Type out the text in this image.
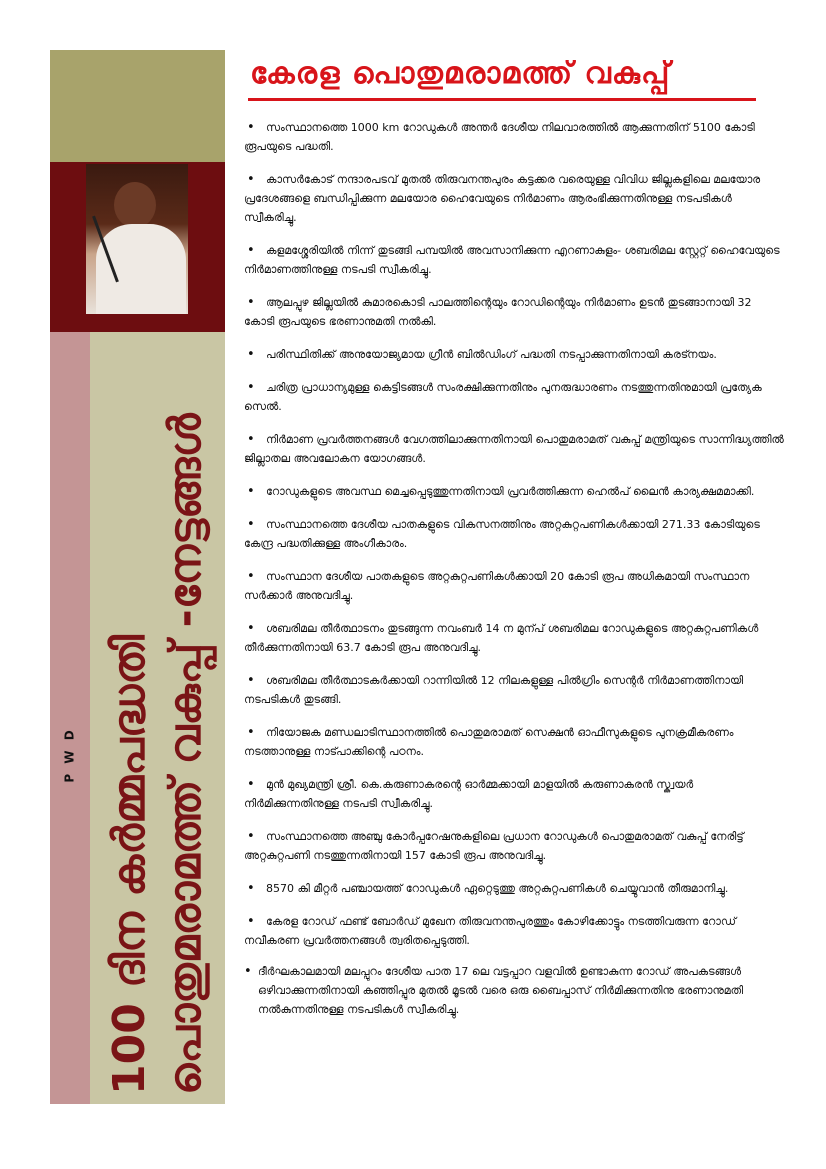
P W D 100 ദിന കർമ്മപദ്ധതി പൊതുമരാമത്ത് വകുപ്പ് -നേട്ടങ്ങൾ
കേരള പൊതുമരാമത്ത് വകുപ്പ്
• സംസ്ഥാനത്തെ 1000 km റോഡുകൾ അന്തർ ദേശീയ നിലവാരത്തിൽ ആക്കുന്നതിന് 5100 കോടി രൂപയുടെ പദ്ധതി.
• കാസർകോട് നന്ദാരപടവ് മുതൽ തിരുവനന്തപുരം കട്ടക്കര വരെയുള്ള വിവിധ ജില്ലകളിലെ മലയോര പ്രദേശങ്ങളെ ബന്ധിപ്പിക്കുന്ന മലയോര ഹൈവേയുടെ നിർമാണം ആരംഭിക്കുന്നതിനുള്ള നടപടികൾ സ്വീകരിച്ചു.
• കളമശ്ശേരിയിൽ നിന്ന് തുടങ്ങി പമ്പയിൽ അവസാനിക്കുന്ന എറണാകുളം- ശബരിമല സ്റ്റേറ്റ് ഹൈവേയുടെ നിർമാണത്തിനുള്ള നടപടി സ്വീകരിച്ചു.
• ആലപ്പുഴ ജില്ലയിൽ കുമാരകൊടി പാലത്തിന്റെയും റോഡിന്റെയും നിർമാണം ഉടൻ തുടങ്ങാനായി 32 കോടി രൂപയുടെ ഭരണാനുമതി നൽകി.
• പരിസ്ഥിതിക്ക് അനുയോജ്യമായ ഗ്രീൻ ബിൽഡിംഗ് പദ്ധതി നടപ്പാക്കുന്നതിനായി കരട്നയം.
• ചരിത്ര പ്രാധാന്യമുള്ള കെട്ടിടങ്ങൾ സംരക്ഷിക്കുന്നതിനും പുനരുദ്ധാരണം നടത്തുന്നതിനുമായി പ്രത്യേക സെൽ.
• നിർമാണ പ്രവർത്തനങ്ങൾ വേഗത്തിലാക്കുന്നതിനായി പൊതുമരാമത് വകുപ്പ് മന്ത്രിയുടെ സാന്നിദ്ധ്യത്തിൽ ജില്ലാതല അവലോകന യോഗങ്ങൾ.
• റോഡുകളുടെ അവസ്ഥ മെച്ചപ്പെടുത്തുന്നതിനായി പ്രവർത്തിക്കുന്ന ഹെൽപ് ലൈൻ കാര്യക്ഷമമാക്കി.
• സംസ്ഥാനത്തെ ദേശീയ പാതകളുടെ വികസനത്തിനും അറ്റകുറ്റപണികൾക്കായി 271.33 കോടിയുടെ കേന്ദ്ര പദ്ധതിക്കുള്ള അംഗീകാരം.
• സംസ്ഥാന ദേശീയ പാതകളുടെ അറ്റകുറ്റപണികൾക്കായി 20 കോടി രൂപ അധികമായി സംസ്ഥാന സർക്കാർ അനുവദിച്ചു.
• ശബരിമല തീർത്ഥാടനം തുടങ്ങുന്ന നവംബർ 14 ന മുന്പ് ശബരിമല റോഡുകളുടെ അറ്റകുറ്റപണികൾ തീർക്കുന്നതിനായി 63.7 കോടി രൂപ അനുവദിച്ചു.
• ശബരിമല തീർത്ഥാടകർക്കായി റാന്നിയിൽ 12 നിലകളുള്ള പിൽഗ്രിം സെന്റർ നിർമാണത്തിനായി നടപടികൾ തുടങ്ങി.
• നിയോജക മണ്ഡലാടിസ്ഥാനത്തിൽ പൊതുമരാമത് സെക്ഷൻ ഓഫീസുകളുടെ പുനക്രമീകരണം നടത്താനുള്ള നാട്പാക്കിന്റെ പഠനം.
• മുൻ മുഖ്യമന്ത്രി ശ്രീ. കെ.കരുണാകരന്റെ ഓർമ്മക്കായി മാളയിൽ കരുണാകരൻ സ്ക്വയർ നിർമിക്കുന്നതിനുള്ള നടപടി സ്വീകരിച്ചു.
• സംസ്ഥാനത്തെ അഞ്ചു കോർപ്പറേഷനുകളിലെ പ്രധാന റോഡുകൾ പൊതുമരാമത് വകുപ്പ് നേരിട്ട് അറ്റകുറ്റപണി നടത്തുന്നതിനായി 157 കോടി രൂപ അനുവദിച്ചു.
• 8570 കി മീറ്റർ പഞ്ചായത്ത് റോഡുകൾ ഏറ്റെടുത്തു അറ്റകുറ്റപണികൾ ചെയ്യുവാൻ തീരുമാനിച്ചു.
• കേരള റോഡ് ഫണ്ട് ബോർഡ് മുഖേന തിരുവനന്തപുരത്തും കോഴിക്കോട്ടും നടത്തിവരുന്ന റോഡ് നവീകരണ പ്രവർത്തനങ്ങൾ ത്വരിതപ്പെടുത്തി.
• ദീർഘകാലമായി മലപ്പുറം ദേശീയ പാത 17 ലെ വട്ടപ്പാറ വളവിൽ ഉണ്ടാകുന്ന റോഡ് അപകടങ്ങൾ ഒഴിവാക്കുന്നതിനായി കഞ്ഞിപ്പുര മുതൽ മൂടൽ വരെ ഒരു ബൈപ്പാസ് നിർമിക്കുന്നതിനു ഭരണാനുമതി നൽകുന്നതിനുള്ള നടപടികൾ സ്വീകരിച്ചു.
